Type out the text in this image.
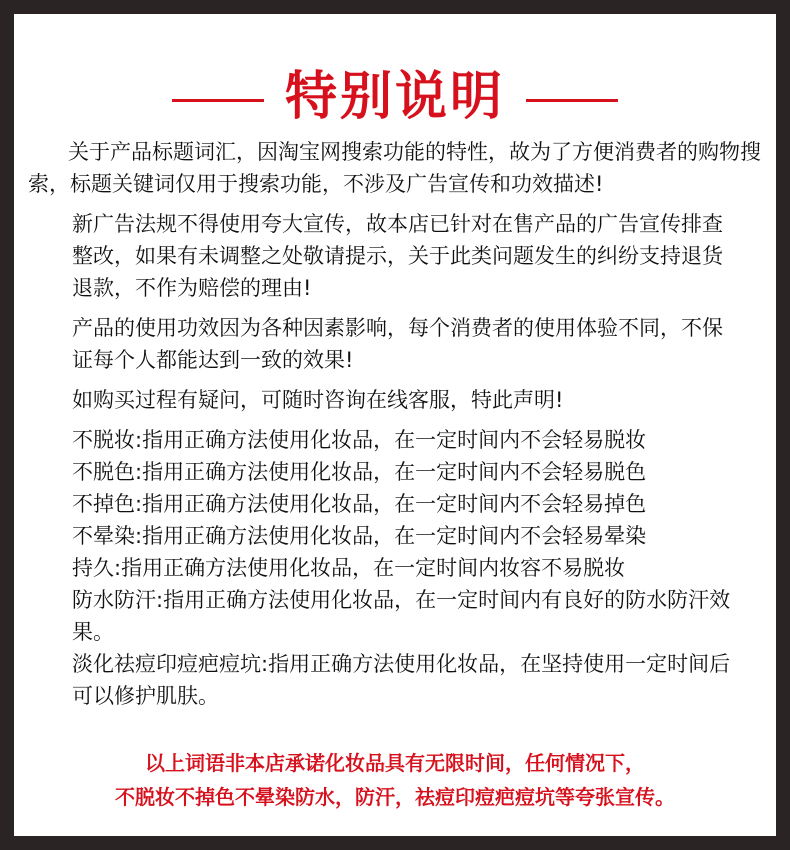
特别说明

关于产品标题词汇，因淘宝网搜索功能的特性，故为了方便消费者的购物搜索，标题关键词仅用于搜索功能，不涉及广告宣传和功效描述!

新广告法规不得使用夸大宣传，故本店已针对在售产品的广告宣传排查整改，如果有未调整之处敬请提示，关于此类问题发生的纠纷支持退货退款，不作为赔偿的理由!

产品的使用功效因为各种因素影响，每个消费者的使用体验不同，不保证每个人都能达到一致的效果!

如购买过程有疑问，可随时咨询在线客服，特此声明!

不脱妆:指用正确方法使用化妆品，在一定时间内不会轻易脱妆
不脱色:指用正确方法使用化妆品，在一定时间内不会轻易脱色
不掉色:指用正确方法使用化妆品，在一定时间内不会轻易掉色
不晕染:指用正确方法使用化妆品，在一定时间内不会轻易晕染
持久:指用正确方法使用化妆品，在一定时间内妆容不易脱妆
防水防汗:指用正确方法使用化妆品，在一定时间内有良好的防水防汗效果。
淡化祛痘印痘疤痘坑:指用正确方法使用化妆品，在坚持使用一定时间后可以修护肌肤。
以上词语非本店承诺化妆品具有无限时间，任何情况下，
不脱妆不掉色不晕染防水，防汗，祛痘印痘疤痘坑等夸张宣传。
